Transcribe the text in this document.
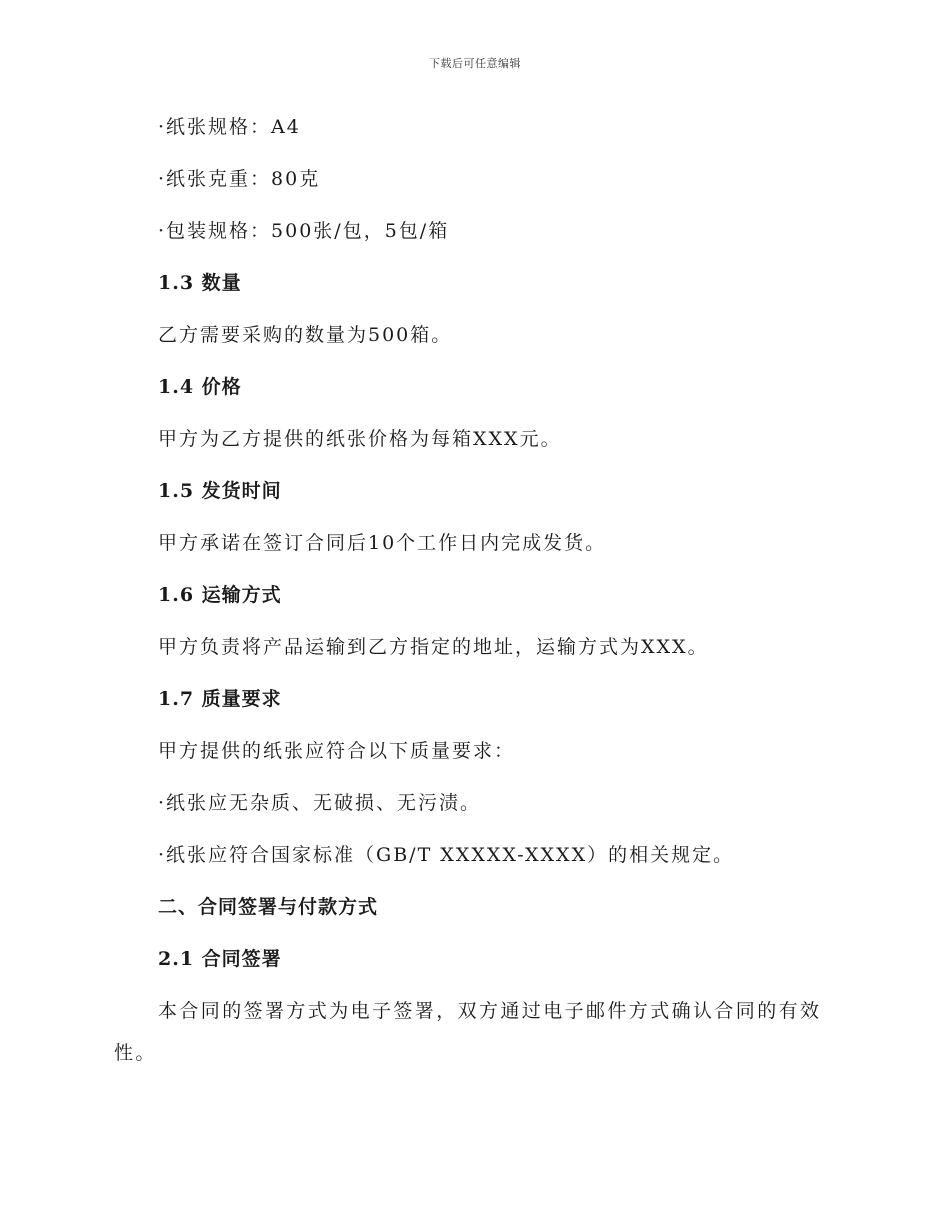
下载后可任意编辑
·纸张规格：A4
·纸张克重：80克
·包装规格：500张/包，5包/箱
1.3 数量
乙方需要采购的数量为500箱。
1.4 价格
甲方为乙方提供的纸张价格为每箱XXX元。
1.5 发货时间
甲方承诺在签订合同后10个工作日内完成发货。
1.6 运输方式
甲方负责将产品运输到乙方指定的地址，运输方式为XXX。
1.7 质量要求
甲方提供的纸张应符合以下质量要求：
·纸张应无杂质、无破损、无污渍。
·纸张应符合国家标准（GB/T XXXXX-XXXX）的相关规定。
二、合同签署与付款方式
2.1 合同签署
本合同的签署方式为电子签署，双方通过电子邮件方式确认合同的有效
性。
